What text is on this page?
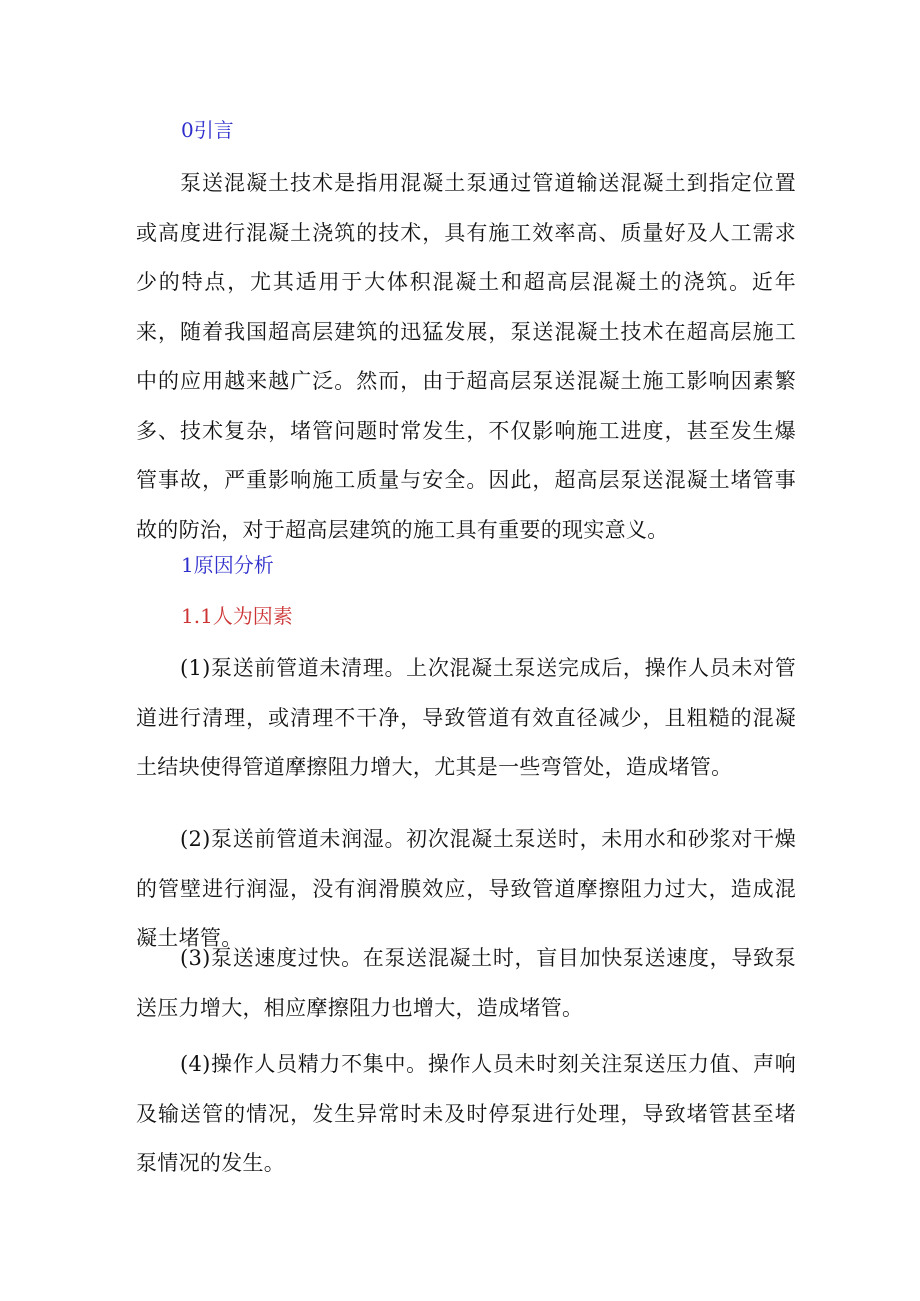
0引言
泵送混凝土技术是指用混凝土泵通过管道输送混凝土到指定位置或高度进行混凝土浇筑的技术，具有施工效率高、质量好及人工需求少的特点，尤其适用于大体积混凝土和超高层混凝土的浇筑。近年来，随着我国超高层建筑的迅猛发展，泵送混凝土技术在超高层施工中的应用越来越广泛。然而，由于超高层泵送混凝土施工影响因素繁多、技术复杂，堵管问题时常发生，不仅影响施工进度，甚至发生爆管事故，严重影响施工质量与安全。因此，超高层泵送混凝土堵管事故的防治，对于超高层建筑的施工具有重要的现实意义。
1原因分析
1.1人为因素
(1)泵送前管道未清理。上次混凝土泵送完成后，操作人员未对管道进行清理，或清理不干净，导致管道有效直径减少，且粗糙的混凝土结块使得管道摩擦阻力增大，尤其是一些弯管处，造成堵管。
(2)泵送前管道未润湿。初次混凝土泵送时，未用水和砂浆对干燥的管壁进行润湿，没有润滑膜效应，导致管道摩擦阻力过大，造成混凝土堵管。
(3)泵送速度过快。在泵送混凝土时，盲目加快泵送速度，导致泵送压力增大，相应摩擦阻力也增大，造成堵管。
(4)操作人员精力不集中。操作人员未时刻关注泵送压力值、声响及输送管的情况，发生异常时未及时停泵进行处理，导致堵管甚至堵泵情况的发生。
